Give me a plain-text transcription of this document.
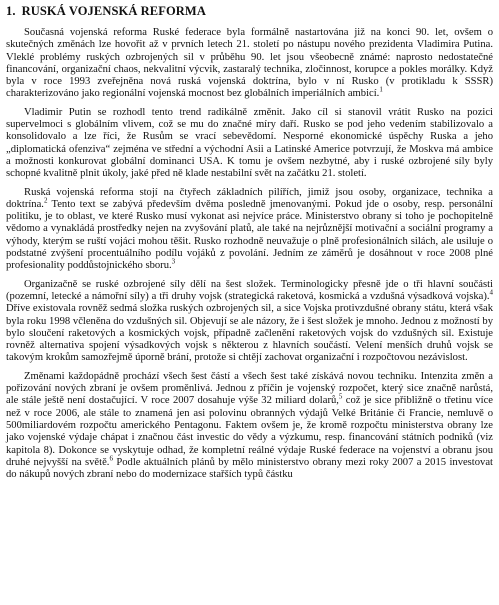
1. RUSKÁ VOJENSKÁ REFORMA

Současná vojenská reforma Ruské federace byla formálně nastartována již na konci 90. let, ovšem o skutečných změnách lze hovořit až v prvních letech 21. století po nástupu nového prezidenta Vladimira Putina. Vleklé problémy ruských ozbrojených sil v průběhu 90. let jsou všeobecně známé: naprosto nedostatečné financování, organizační chaos, nekvalitní výcvik, zastaralý technika, zločinnost, korupce a pokles morálky. Když byla v roce 1993 zveřejněna nová ruská vojenská doktrína, bylo v ní Rusko (v protikladu k SSSR) charakterizováno jako regionální vojenská mocnost bez globálních imperiálních ambicí.$^1$

Vladimir Putin se rozhodl tento trend radikálně změnit. Jako cíl si stanovil vrátit Rusko na pozici supervelmoci s globálním vlivem, což se mu do značné míry daří. Rusko se pod jeho vedením stabilizovalo a konsolidovalo a lze říci, že Rusům se vrací sebevědomí. Nesporné ekonomické úspěchy Ruska a jeho „diplomatická ofenziva“ zejména ve střední a východní Asii a Latinské Americe potvrzují, že Moskva má ambice a možnosti konkurovat globální dominanci USA. K tomu je ovšem nezbytné, aby i ruské ozbrojené síly byly schopné kvalitně plnit úkoly, jaké před ně klade nestabilní svět na začátku 21. století.

Ruská vojenská reforma stojí na čtyřech základních pilířích, jimiž jsou osoby, organizace, technika a doktrína.$^2$ Tento text se zabývá především dvěma posledně jmenovanými. Pokud jde o osoby, resp. personální politiku, je to oblast, ve které Rusko musí vykonat asi nejvíce práce. Ministerstvo obrany si toho je pochopitelně vědomo a vynakládá prostředky nejen na zvyšování platů, ale také na nejrůznější motivační a sociální programy a výhody, kterým se ruští vojáci mohou těšit. Rusko rozhodně neuvažuje o plně profesionálních silách, ale usiluje o podstatné zvýšení procentuálního podílu vojáků z povolání. Jedním ze záměrů je dosáhnout v roce 2008 plné profesionality poddůstojnického sboru.$^3$

Organizačně se ruské ozbrojené síly dělí na šest složek. Terminologicky přesně jde o tři hlavní součásti (pozemní, letecké a námořní síly) a tři druhy vojsk (strategická raketová, kosmická a vzdušná výsadková vojska).$^4$ Dříve existovala rovněž sedmá složka ruských ozbrojených sil, a sice Vojska protivzdušné obrany státu, která však byla roku 1998 včleněna do vzdušných sil. Objevují se ale názory, že i šest složek je mnoho. Jednou z možností by bylo sloučení raketových a kosmických vojsk, případně začlenění raketových vojsk do vzdušných sil. Existuje rovněž alternativa spojení výsadkových vojsk s některou z hlavních součástí. Velení menších druhů vojsk se takovým krokům samozřejmě úporně brání, protože si chtějí zachovat organizační i rozpočtovou nezávislost.

Změnami každopádně prochází všech šest částí a všech šest také získává novou techniku. Intenzita změn a pořizování nových zbraní je ovšem proměnlivá. Jednou z příčin je vojenský rozpočet, který sice značně narůstá, ale stále ještě není dostačující. V roce 2007 dosahuje výše 32 miliard dolarů,$^5$ což je sice přibližně o třetinu více než v roce 2006, ale stále to znamená jen asi polovinu obranných výdajů Velké Británie či Francie, nemluvě o 500miliardovém rozpočtu amerického Pentagonu. Faktem ovšem je, že kromě rozpočtu ministerstva obrany lze jako vojenské výdaje chápat i značnou část investic do vědy a výzkumu, resp. financování státních podniků (viz kapitola 8). Dokonce se vyskytuje odhad, že kompletní reálné výdaje Ruské federace na vojenství a obranu jsou druhé nejvyšší na světě.$^6$ Podle aktuálních plánů by mělo ministerstvo obrany mezi roky 2007 a 2015 investovat do nákupů nových zbraní nebo do modernizace stařších typů částku
